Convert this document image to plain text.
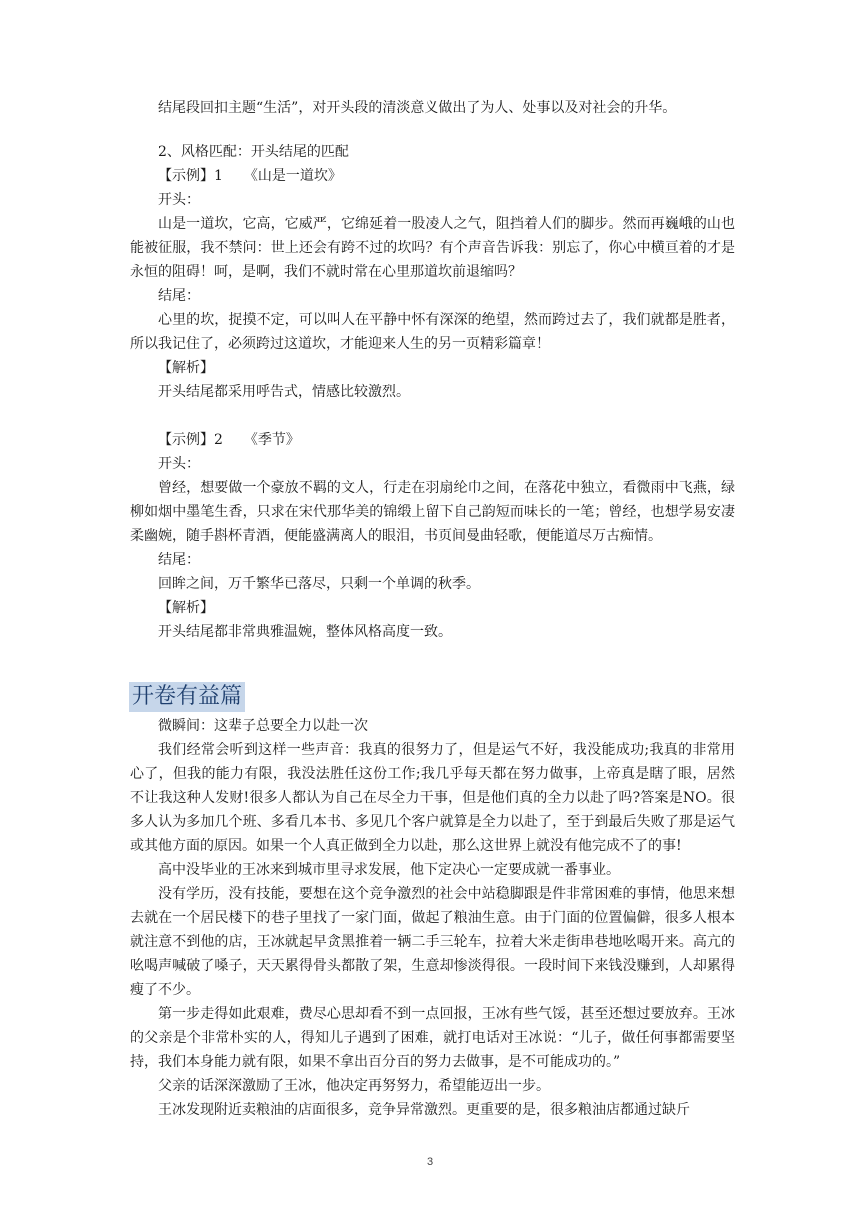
结尾段回扣主题“生活”，对开头段的清淡意义做出了为人、处事以及对社会的升华。

2、风格匹配：开头结尾的匹配

【示例】1　　《山是一道坎》

开头：

山是一道坎，它高，它威严，它绵延着一股凌人之气，阻挡着人们的脚步。然而再巍峨的山也能被征服，我不禁问：世上还会有跨不过的坎吗？有个声音告诉我：别忘了，你心中横亘着的才是永恒的阻碍！呵，是啊，我们不就时常在心里那道坎前退缩吗？

结尾：

心里的坎，捉摸不定，可以叫人在平静中怀有深深的绝望，然而跨过去了，我们就都是胜者，所以我记住了，必须跨过这道坎，才能迎来人生的另一页精彩篇章！

【解析】

开头结尾都采用呼告式，情感比较激烈。

【示例】2　　《季节》

开头：

曾经，想要做一个豪放不羁的文人，行走在羽扇纶巾之间，在落花中独立，看微雨中飞燕，绿柳如烟中墨笔生香，只求在宋代那华美的锦缎上留下自己韵短而味长的一笔；曾经，也想学易安凄柔幽婉，随手斟杯青酒，便能盛满离人的眼泪，书页间曼曲轻歌，便能道尽万古痴情。

结尾：

回眸之间，万千繁华已落尽，只剩一个单调的秋季。

【解析】

开头结尾都非常典雅温婉，整体风格高度一致。

开卷有益篇

微瞬间：这辈子总要全力以赴一次

我们经常会听到这样一些声音：我真的很努力了，但是运气不好，我没能成功;我真的非常用心了，但我的能力有限，我没法胜任这份工作;我几乎每天都在努力做事，上帝真是瞎了眼，居然不让我这种人发财!很多人都认为自己在尽全力干事，但是他们真的全力以赴了吗?答案是NO。很多人认为多加几个班、多看几本书、多见几个客户就算是全力以赴了，至于到最后失败了那是运气或其他方面的原因。如果一个人真正做到全力以赴，那么这世界上就没有他完成不了的事!

高中没毕业的王冰来到城市里寻求发展，他下定决心一定要成就一番事业。

没有学历，没有技能，要想在这个竞争激烈的社会中站稳脚跟是件非常困难的事情，他思来想去就在一个居民楼下的巷子里找了一家门面，做起了粮油生意。由于门面的位置偏僻，很多人根本就注意不到他的店，王冰就起早贪黑推着一辆二手三轮车，拉着大米走街串巷地吆喝开来。高亢的吆喝声喊破了嗓子，天天累得骨头都散了架，生意却惨淡得很。一段时间下来钱没赚到，人却累得瘦了不少。

第一步走得如此艰难，费尽心思却看不到一点回报，王冰有些气馁，甚至还想过要放弃。王冰的父亲是个非常朴实的人，得知儿子遇到了困难，就打电话对王冰说：“儿子，做任何事都需要坚持，我们本身能力就有限，如果不拿出百分百的努力去做事，是不可能成功的。”

父亲的话深深激励了王冰，他决定再努努力，希望能迈出一步。

王冰发现附近卖粮油的店面很多，竞争异常激烈。更重要的是，很多粮油店都通过缺斤

3
